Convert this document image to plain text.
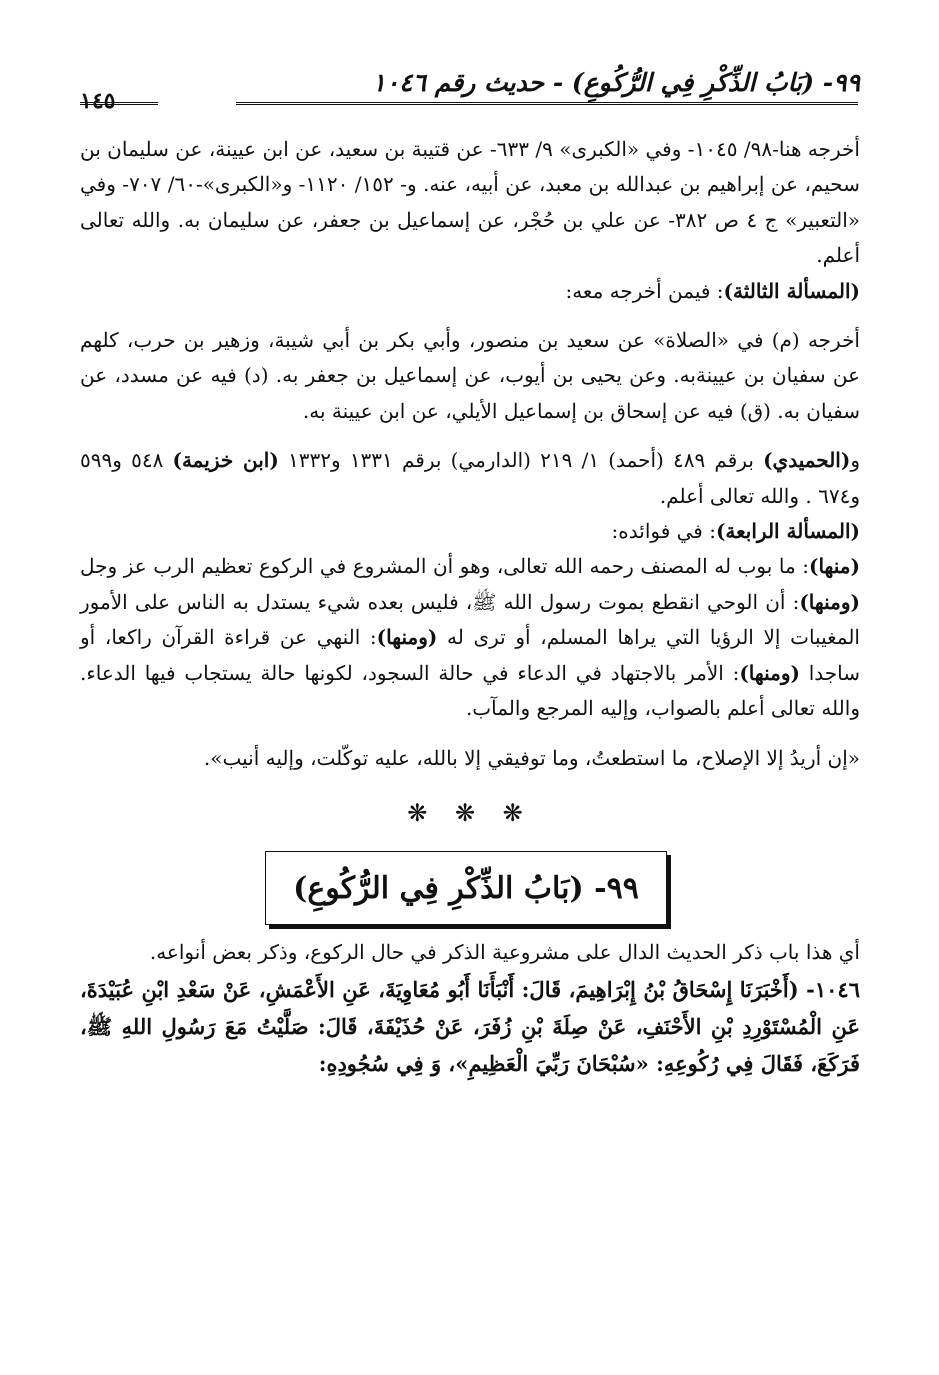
٩٩- (بَابُ الذِّكْرِ فِي الرُّكُوعِ) - حديث رقم ١٠٤٦
١٤٥

أخرجه هنا-٩٨/ ١٠٤٥- وفي «الكبرى» ٩/ ٦٣٣- عن قتيبة بن سعيد، عن ابن عيينة، عن سليمان بن سحيم، عن إبراهيم بن عبدالله بن معبد، عن أبيه، عنه. و- ١٥٢/ ١١٢٠- و«الكبرى»-٦٠/ ٧٠٧- وفي «التعبير» ج ٤ ص ٣٨٢- عن علي بن حُجْر، عن إسماعيل بن جعفر، عن سليمان به. والله تعالى أعلم.

(المسألة الثالثة): فيمن أخرجه معه:

أخرجه (م) في «الصلاة» عن سعيد بن منصور، وأبي بكر بن أبي شيبة، وزهير بن حرب، كلهم عن سفيان بن عيينةبه. وعن يحيى بن أيوب، عن إسماعيل بن جعفر به. (د) فيه عن مسدد، عن سفيان به. (ق) فيه عن إسحاق بن إسماعيل الأيلي، عن ابن عيينة به.

و(الحميدي) برقم ٤٨٩ (أحمد) ١/ ٢١٩ (الدارمي) برقم ١٣٣١ و١٣٣٢ (ابن خزيمة) ٥٤٨ و٥٩٩ و٦٧٤ . والله تعالى أعلم.

(المسألة الرابعة): في فوائده:

(منها): ما بوب له المصنف رحمه الله تعالى، وهو أن المشروع في الركوع تعظيم الرب عز وجل (ومنها): أن الوحي انقطع بموت رسول الله ﷺ، فليس بعده شيء يستدل به الناس على الأمور المغيبات إلا الرؤيا التي يراها المسلم، أو ترى له (ومنها): النهي عن قراءة القرآن راكعا، أو ساجدا (ومنها): الأمر بالاجتهاد في الدعاء في حالة السجود، لكونها حالة يستجاب فيها الدعاء. والله تعالى أعلم بالصواب، وإليه المرجع والمآب.

«إن أريدُ إلا الإصلاح، ما استطعتُ، وما توفيقي إلا بالله، عليه توكّلت، وإليه أنيب».

❋ ❋ ❋
٩٩- (بَابُ الذِّكْرِ فِي الرُّكُوعِ)

أي هذا باب ذكر الحديث الدال على مشروعية الذكر في حال الركوع، وذكر بعض أنواعه.

١٠٤٦- (أَخْبَرَنَا إِسْحَاقُ بْنُ إِبْرَاهِيمَ، قَالَ: أَنْبَأَنَا أَبُو مُعَاوِيَةَ، عَنِ الأَعْمَشِ، عَنْ سَعْدِ ابْنِ عُبَيْدَةَ، عَنِ الْمُسْتَوْرِدِ بْنِ الأَحْنَفِ، عَنْ صِلَةَ بْنِ زُفَرَ، عَنْ حُذَيْفَةَ، قَالَ: صَلَّيْتُ مَعَ رَسُولِ اللهِ ﷺ، فَرَكَعَ، فَقَالَ فِي رُكُوعِهِ: «سُبْحَانَ رَبِّيَ الْعَظِيمِ»، وَ فِي سُجُودِهِ:
